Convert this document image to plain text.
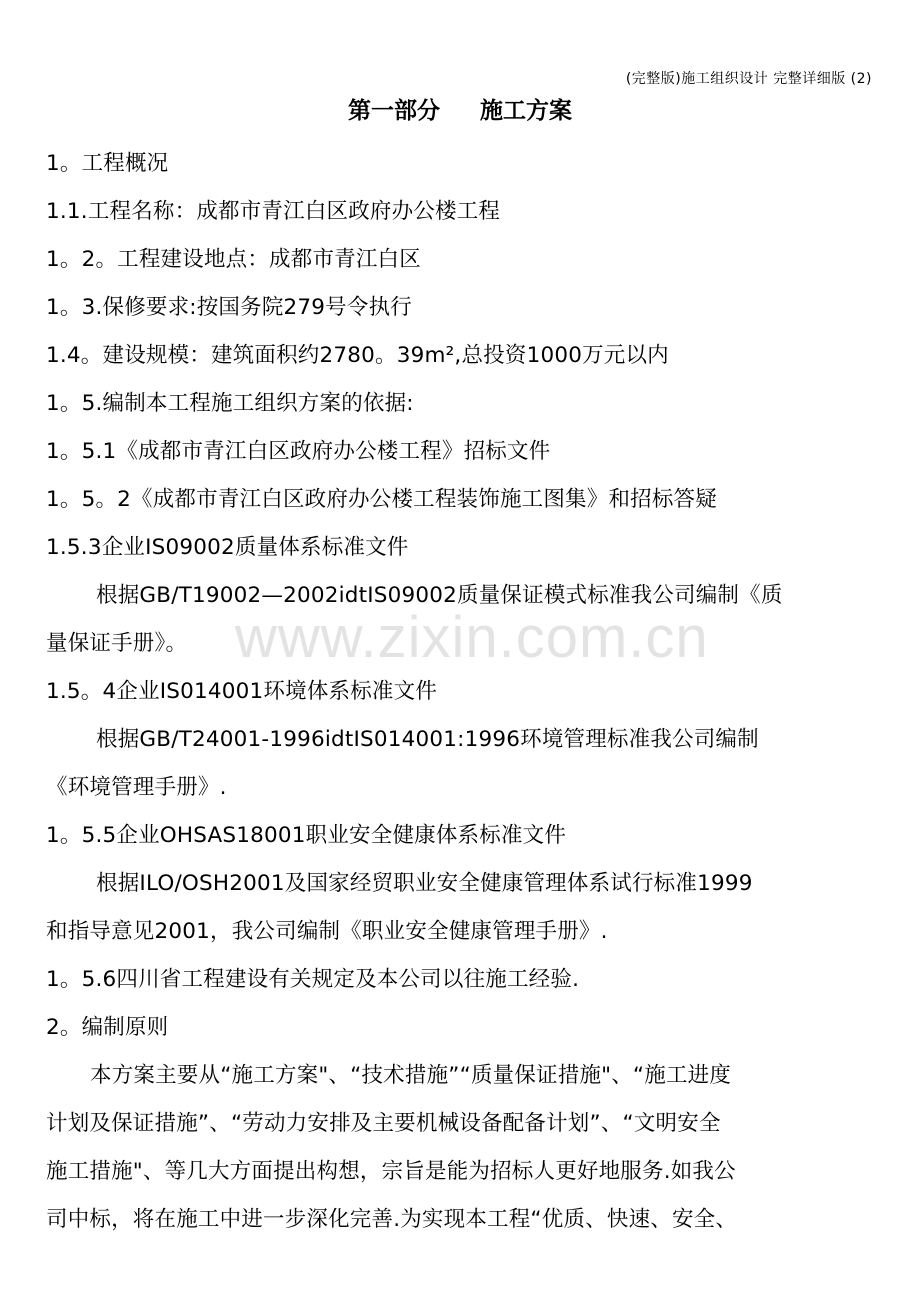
(完整版)施工组织设计 完整详细版 (2)
第一部分 施工方案
www.zixin.com.cn
1。工程概况
1.1.工程名称：成都市青江白区政府办公楼工程
1。2。工程建设地点：成都市青江白区
1。3.保修要求:按国务院279号令执行
1.4。建设规模：建筑面积约2780。39m²,总投资1000万元以内
1。5.编制本工程施工组织方案的依据:
1。5.1《成都市青江白区政府办公楼工程》招标文件
1。5。2《成都市青江白区政府办公楼工程装饰施工图集》和招标答疑
1.5.3企业IS09002质量体系标准文件
根据GB/T19002—2002idtIS09002质量保证模式标准我公司编制《质
量保证手册》。
1.5。4企业IS014001环境体系标准文件
根据GB/T24001-1996idtIS014001:1996环境管理标准我公司编制
《环境管理手册》.
1。5.5企业OHSAS18001职业安全健康体系标准文件
根据ILO/OSH2001及国家经贸职业安全健康管理体系试行标准1999
和指导意见2001，我公司编制《职业安全健康管理手册》.
1。5.6四川省工程建设有关规定及本公司以往施工经验.
2。编制原则
本方案主要从“施工方案"、“技术措施”“质量保证措施"、“施工进度
计划及保证措施”、“劳动力安排及主要机械设备配备计划”、“文明安全
施工措施"、等几大方面提出构想，宗旨是能为招标人更好地服务.如我公
司中标，将在施工中进一步深化完善.为实现本工程“优质、快速、安全、
